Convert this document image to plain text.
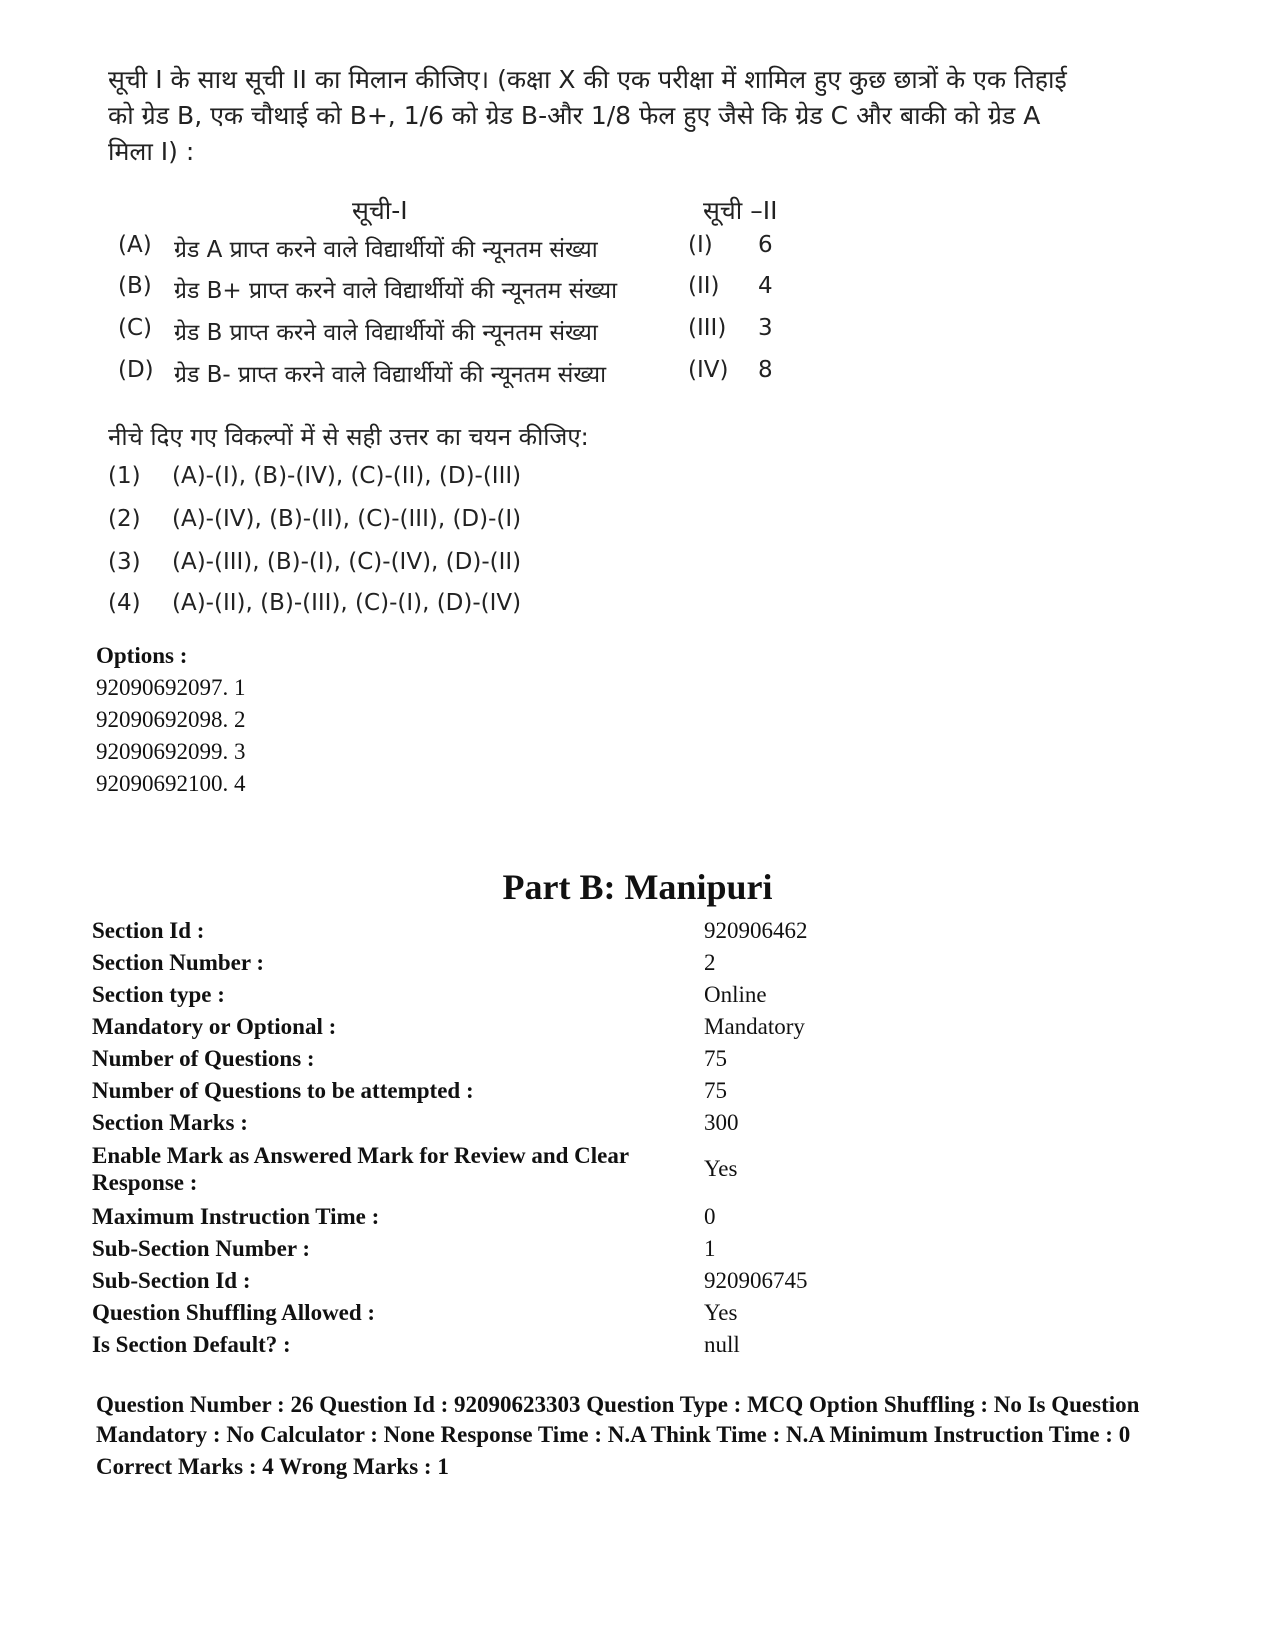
सूची I के साथ सूची II का मिलान कीजिए। (कक्षा X की एक परीक्षा में शामिल हुए कुछ छात्रों के एक तिहाई को ग्रेड B, एक चौथाई को B+, 1/6 को ग्रेड B-और 1/8 फेल हुए जैसे कि ग्रेड C और बाकी को ग्रेड A मिला I) :

सूची-I	सूची –II
(A) ग्रेड A प्राप्त करने वाले विद्यार्थीयों की न्यूनतम संख्या	(I) 6
(B) ग्रेड B+ प्राप्त करने वाले विद्यार्थीयों की न्यूनतम संख्या	(II) 4
(C) ग्रेड B प्राप्त करने वाले विद्यार्थीयों की न्यूनतम संख्या	(III) 3
(D) ग्रेड B- प्राप्त करने वाले विद्यार्थीयों की न्यूनतम संख्या	(IV) 8
नीचे दिए गए विकल्पों में से सही उत्तर का चयन कीजिए:
(1) (A)-(I), (B)-(IV), (C)-(II), (D)-(III)
(2) (A)-(IV), (B)-(II), (C)-(III), (D)-(I)
(3) (A)-(III), (B)-(I), (C)-(IV), (D)-(II)
(4) (A)-(II), (B)-(III), (C)-(I), (D)-(IV)
Options :
92090692097. 1
92090692098. 2
92090692099. 3
92090692100. 4
Part B: Manipuri
Section Id :	920906462
Section Number :	2
Section type :	Online
Mandatory or Optional :	Mandatory
Number of Questions :	75
Number of Questions to be attempted :	75
Section Marks :	300
Enable Mark as Answered Mark for Review and Clear Response :
Yes
Maximum Instruction Time :	0
Sub-Section Number :	1
Sub-Section Id :	920906745
Question Shuffling Allowed :	Yes
Is Section Default? :	null

Question Number : 26 Question Id : 92090623303 Question Type : MCQ Option Shuffling : No Is Question Mandatory : No Calculator : None Response Time : N.A Think Time : N.A Minimum Instruction Time : 0

Correct Marks : 4 Wrong Marks : 1
